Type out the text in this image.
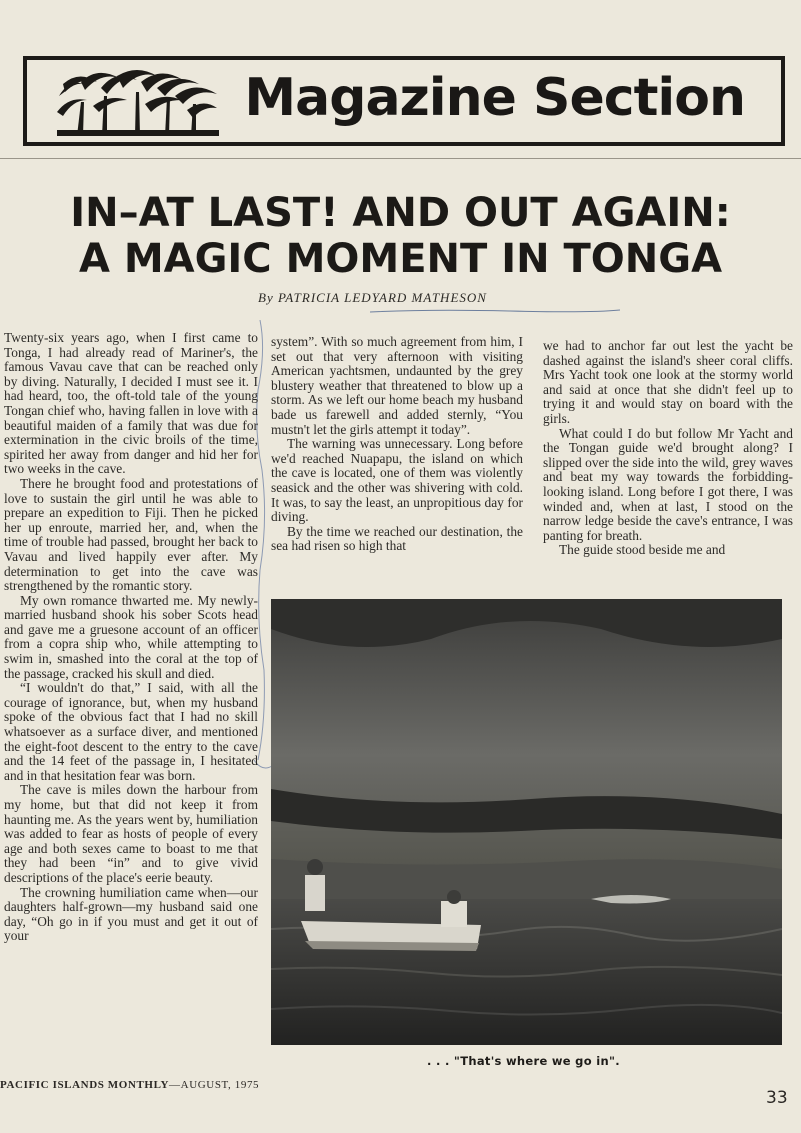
Magazine Section
IN–AT LAST! AND OUT AGAIN:
A MAGIC MOMENT IN TONGA
By PATRICIA LEDYARD MATHESON

Twenty-six years ago, when I first came to Tonga, I had already read of Mariner's, the famous Vavau cave that can be reached only by diving. Naturally, I decided I must see it. I had heard, too, the oft-told tale of the young Tongan chief who, having fallen in love with a beautiful maiden of a family that was due for extermination in the civic broils of the time, spirited her away from danger and hid her for two weeks in the cave.

There he brought food and protestations of love to sustain the girl until he was able to prepare an expedition to Fiji. Then he picked her up enroute, married her, and, when the time of trouble had passed, brought her back to Vavau and lived happily ever after. My determination to get into the cave was strengthened by the romantic story.

My own romance thwarted me. My newly-married husband shook his sober Scots head and gave me a gruesone account of an officer from a copra ship who, while attempting to swim in, smashed into the coral at the top of the passage, cracked his skull and died.

“I wouldn't do that,” I said, with all the courage of ignorance, but, when my husband spoke of the obvious fact that I had no skill whatsoever as a surface diver, and mentioned the eight-foot descent to the entry to the cave and the 14 feet of the passage in, I hesitated and in that hesitation fear was born.

The cave is miles down the harbour from my home, but that did not keep it from haunting me. As the years went by, humiliation was added to fear as hosts of people of every age and both sexes came to boast to me that they had been “in” and to give vivid descriptions of the place's eerie beauty.

The crowning humiliation came when—our daughters half-grown—my husband said one day, “Oh go in if you must and get it out of your

system”. With so much agreement from him, I set out that very afternoon with visiting American yachtsmen, undaunted by the grey blustery weather that threatened to blow up a storm. As we left our home beach my husband bade us farewell and added sternly, “You mustn't let the girls attempt it today”.

The warning was unnecessary. Long before we'd reached Nuapapu, the island on which the cave is located, one of them was violently seasick and the other was shivering with cold. It was, to say the least, an unpropitious day for diving.

By the time we reached our destination, the sea had risen so high that

we had to anchor far out lest the yacht be dashed against the island's sheer coral cliffs. Mrs Yacht took one look at the stormy world and said at once that she didn't feel up to trying it and would stay on board with the girls.

What could I do but follow Mr Yacht and the Tongan guide we'd brought along? I slipped over the side into the wild, grey waves and beat my way towards the forbidding-looking island. Long before I got there, I was winded and, when at last, I stood on the narrow ledge beside the cave's entrance, I was panting for breath.

The guide stood beside me and

. . . "That's where we go in".
PACIFIC ISLANDS MONTHLY—AUGUST, 1975
33
